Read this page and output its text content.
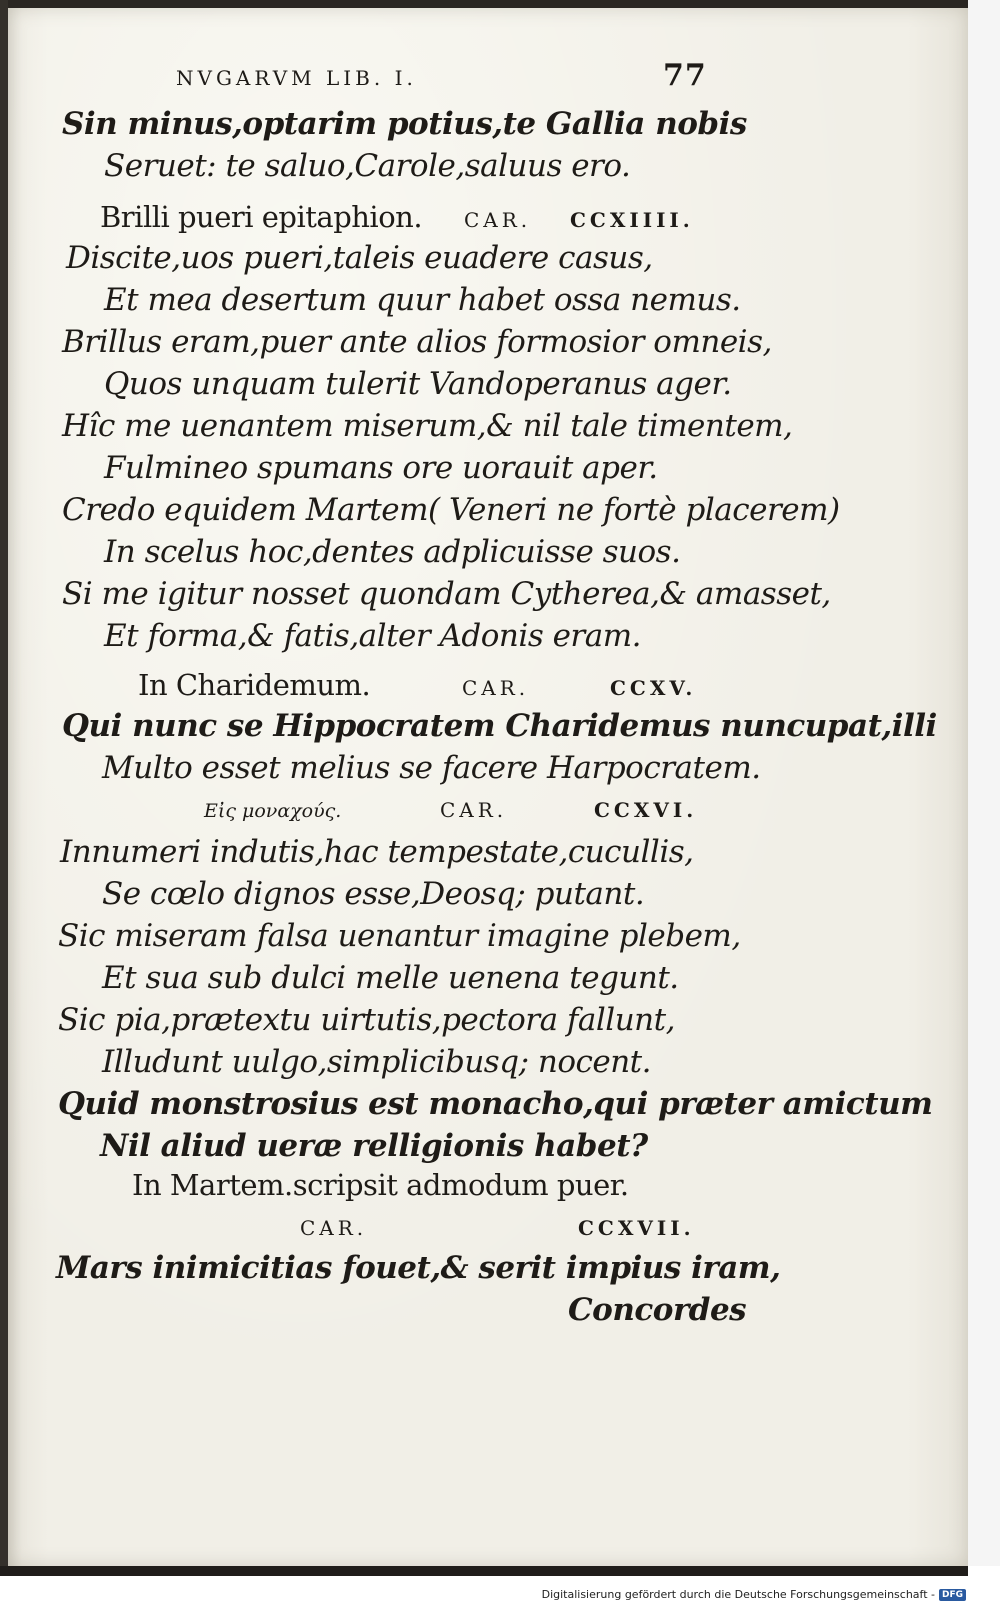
NVGARVM LIB. I.	77
Sin minus,optarim potius,te Gallia nobis
Seruet: te saluo,Carole,saluus ero.
Brilli pueri epitaphion. CAR. CCXIIII.
Discite,uos pueri,taleis euadere casus,
Et mea desertum quur habet ossa nemus.
Brillus eram,puer ante alios formosior omneis,
Quos unquam tulerit Vandoperanus ager.
Hîc me uenantem miserum,& nil tale timentem,
Fulmineo spumans ore uorauit aper.
Credo equidem Martem( Veneri ne fortè placerem)
In scelus hoc,dentes adplicuisse suos.
Si me igitur nosset quondam Cytherea,& amasset,
Et forma,& fatis,alter Adonis eram.
In Charidemum.	CAR.	CCXV.
Qui nunc se Hippocratem Charidemus nuncupat,illi
Multo esset melius se facere Harpocratem.
Εἰς μοναχούς.	CAR.	CCXVI.
Innumeri indutis,hac tempestate,cucullis,
Se cœlo dignos esse,Deosq; putant.
Sic miseram falsa uenantur imagine plebem,
Et sua sub dulci melle uenena tegunt.
Sic pia,prætextu uirtutis,pectora fallunt,
Illudunt uulgo,simplicibusq; nocent.
Quid monstrosius est monacho,qui præter amictum
Nil aliud ueræ relligionis habet?
In Martem.scripsit admodum puer.
CAR.	CCXVII.
Mars inimicitias fouet,& serit impius iram,
Concordes
Digitalisierung gefördert durch die Deutsche Forschungsgemeinschaft - DFG
